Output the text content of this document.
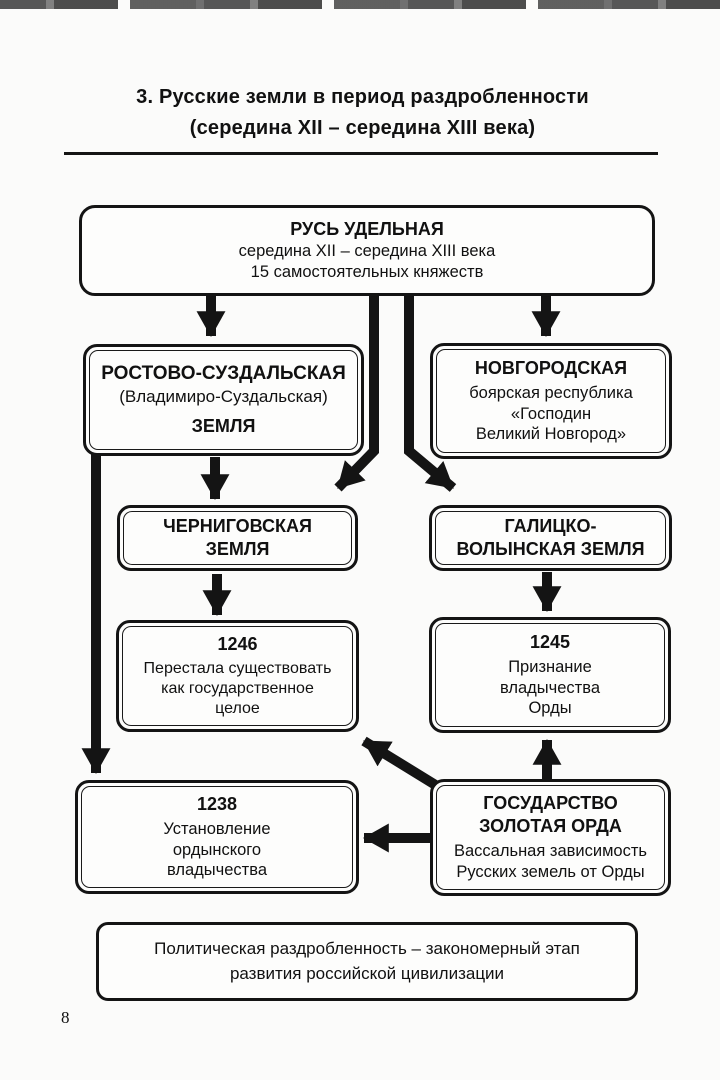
3. Русские земли в период раздробленности
(середина XII – середина XIII века)
РУСЬ УДЕЛЬНАЯ
середина XII – середина XIII века
15 самостоятельных княжеств
РОСТОВО-СУЗДАЛЬСКАЯ
(Владимиро-Суздальская)
ЗЕМЛЯ
НОВГОРОДСКАЯ
боярская республика
«Господин
Великий Новгород»
ЧЕРНИГОВСКАЯ
ЗЕМЛЯ
ГАЛИЦКО-
ВОЛЫНСКАЯ ЗЕМЛЯ
1246
Перестала существовать
как государственное
целое
1245
Признание
владычества
Орды
1238
Установление
ордынского
владычества
ГОСУДАРСТВО
ЗОЛОТАЯ ОРДА
Вассальная зависимость
Русских земель от Орды
Политическая раздробленность – закономерный этап
развития российской цивилизации
8
